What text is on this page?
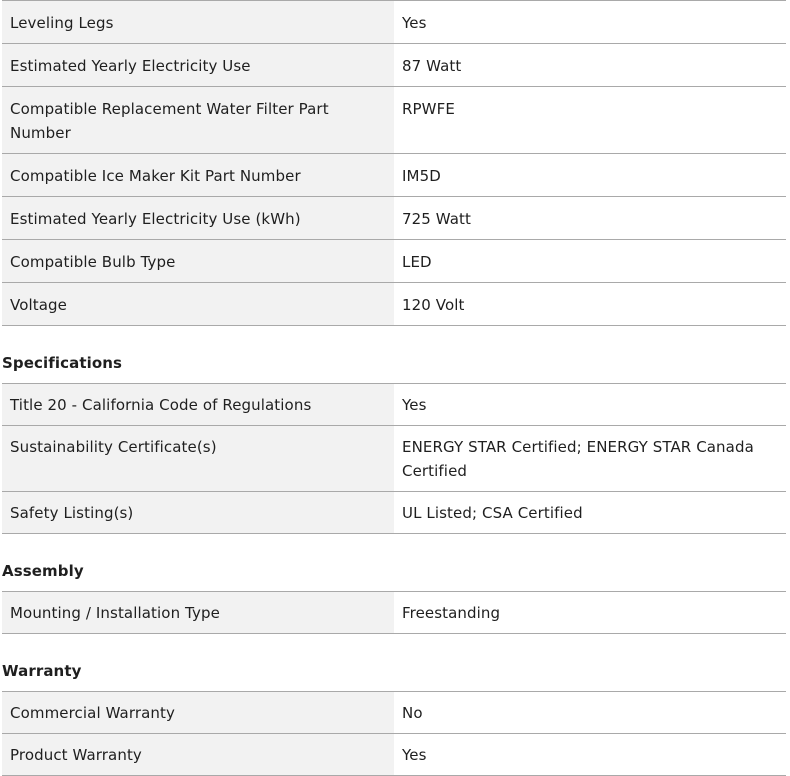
Leveling Legs	Yes
Estimated Yearly Electricity Use	87 Watt
Compatible Replacement Water Filter Part Number	RPWFE
Compatible Ice Maker Kit Part Number	IM5D
Estimated Yearly Electricity Use (kWh)	725 Watt
Compatible Bulb Type	LED
Voltage	120 Volt
Specifications
Title 20 - California Code of Regulations	Yes
Sustainability Certificate(s)	ENERGY STAR Certified; ENERGY STAR Canada Certified
Safety Listing(s)	UL Listed; CSA Certified
Assembly
Mounting / Installation Type	Freestanding
Warranty
Commercial Warranty	No
Product Warranty	Yes
